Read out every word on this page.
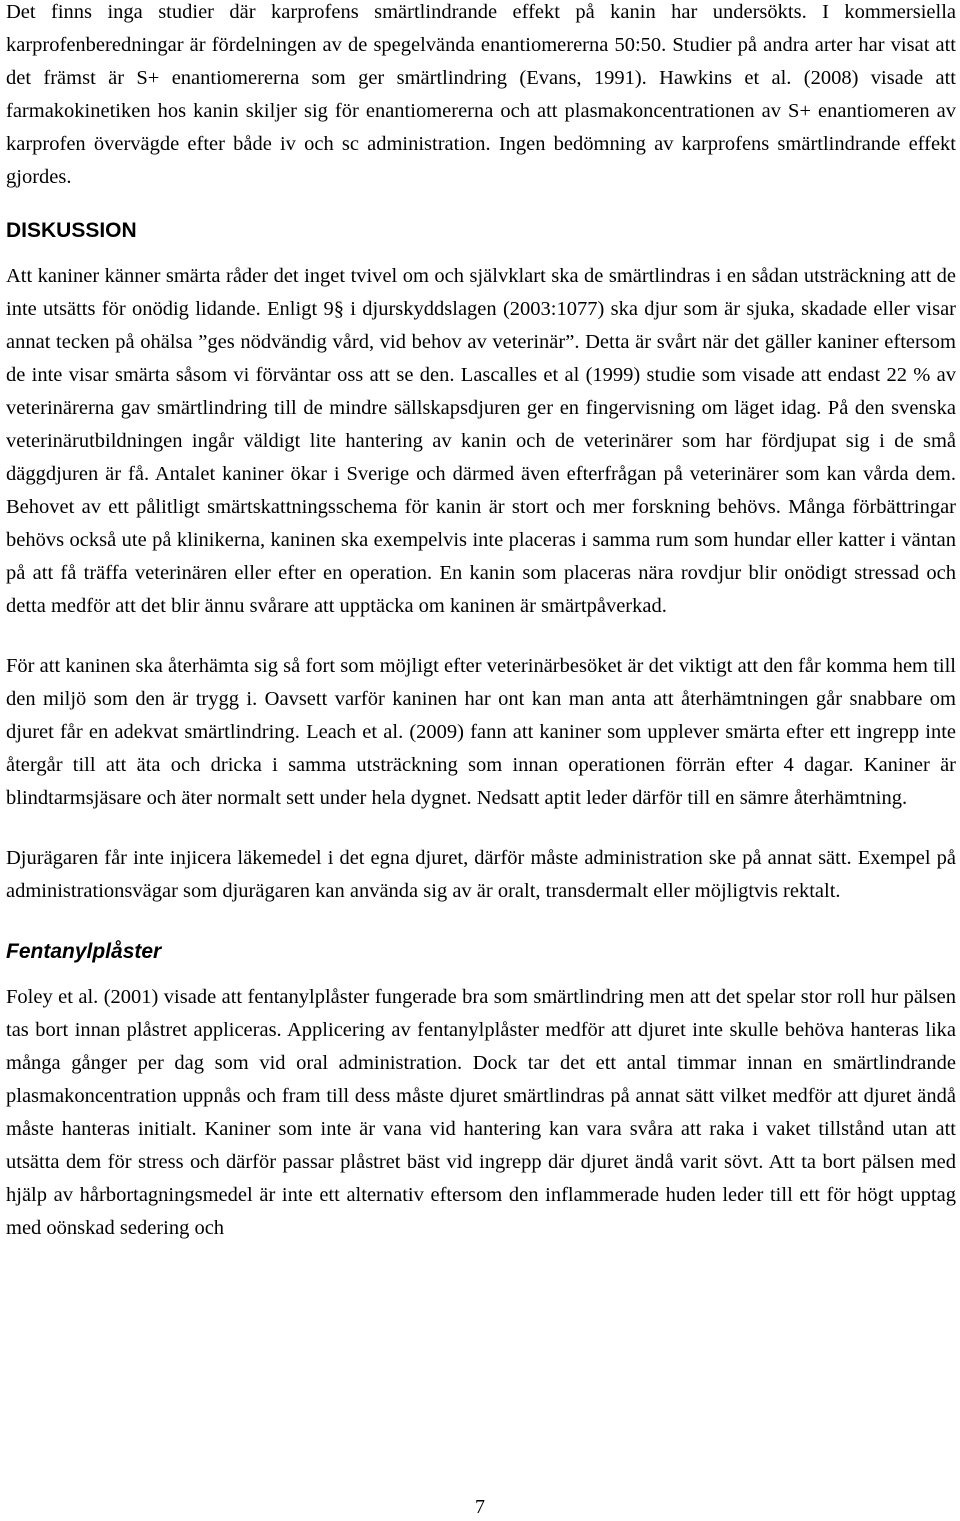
Det finns inga studier där karprofens smärtlindrande effekt på kanin har undersökts. I kommersiella karprofenberedningar är fördelningen av de spegelvända enantiomererna 50:50. Studier på andra arter har visat att det främst är S+ enantiomererna som ger smärtlindring (Evans, 1991). Hawkins et al. (2008) visade att farmakokinetiken hos kanin skiljer sig för enantiomererna och att plasmakoncentrationen av S+ enantiomeren av karprofen övervägde efter både iv och sc administration. Ingen bedömning av karprofens smärtlindrande effekt gjordes.

DISKUSSION

Att kaniner känner smärta råder det inget tvivel om och självklart ska de smärtlindras i en sådan utsträckning att de inte utsätts för onödig lidande. Enligt 9§ i djurskyddslagen (2003:1077) ska djur som är sjuka, skadade eller visar annat tecken på ohälsa ”ges nödvändig vård, vid behov av veterinär”. Detta är svårt när det gäller kaniner eftersom de inte visar smärta såsom vi förväntar oss att se den. Lascalles et al (1999) studie som visade att endast 22 % av veterinärerna gav smärtlindring till de mindre sällskapsdjuren ger en fingervisning om läget idag. På den svenska veterinärutbildningen ingår väldigt lite hantering av kanin och de veterinärer som har fördjupat sig i de små däggdjuren är få. Antalet kaniner ökar i Sverige och därmed även efterfrågan på veterinärer som kan vårda dem. Behovet av ett pålitligt smärtskattningsschema för kanin är stort och mer forskning behövs. Många förbättringar behövs också ute på klinikerna, kaninen ska exempelvis inte placeras i samma rum som hundar eller katter i väntan på att få träffa veterinären eller efter en operation. En kanin som placeras nära rovdjur blir onödigt stressad och detta medför att det blir ännu svårare att upptäcka om kaninen är smärtpåverkad.

För att kaninen ska återhämta sig så fort som möjligt efter veterinärbesöket är det viktigt att den får komma hem till den miljö som den är trygg i. Oavsett varför kaninen har ont kan man anta att återhämtningen går snabbare om djuret får en adekvat smärtlindring. Leach et al. (2009) fann att kaniner som upplever smärta efter ett ingrepp inte återgår till att äta och dricka i samma utsträckning som innan operationen förrän efter 4 dagar. Kaniner är blindtarmsjäsare och äter normalt sett under hela dygnet. Nedsatt aptit leder därför till en sämre återhämtning.

Djurägaren får inte injicera läkemedel i det egna djuret, därför måste administration ske på annat sätt. Exempel på administrationsvägar som djurägaren kan använda sig av är oralt, transdermalt eller möjligtvis rektalt.

Fentanylplåster

Foley et al. (2001) visade att fentanylplåster fungerade bra som smärtlindring men att det spelar stor roll hur pälsen tas bort innan plåstret appliceras. Applicering av fentanylplåster medför att djuret inte skulle behöva hanteras lika många gånger per dag som vid oral administration. Dock tar det ett antal timmar innan en smärtlindrande plasmakoncentration uppnås och fram till dess måste djuret smärtlindras på annat sätt vilket medför att djuret ändå måste hanteras initialt. Kaniner som inte är vana vid hantering kan vara svåra att raka i vaket tillstånd utan att utsätta dem för stress och därför passar plåstret bäst vid ingrepp där djuret ändå varit sövt. Att ta bort pälsen med hjälp av hårbortagningsmedel är inte ett alternativ eftersom den inflammerade huden leder till ett för högt upptag med oönskad sedering och

7
